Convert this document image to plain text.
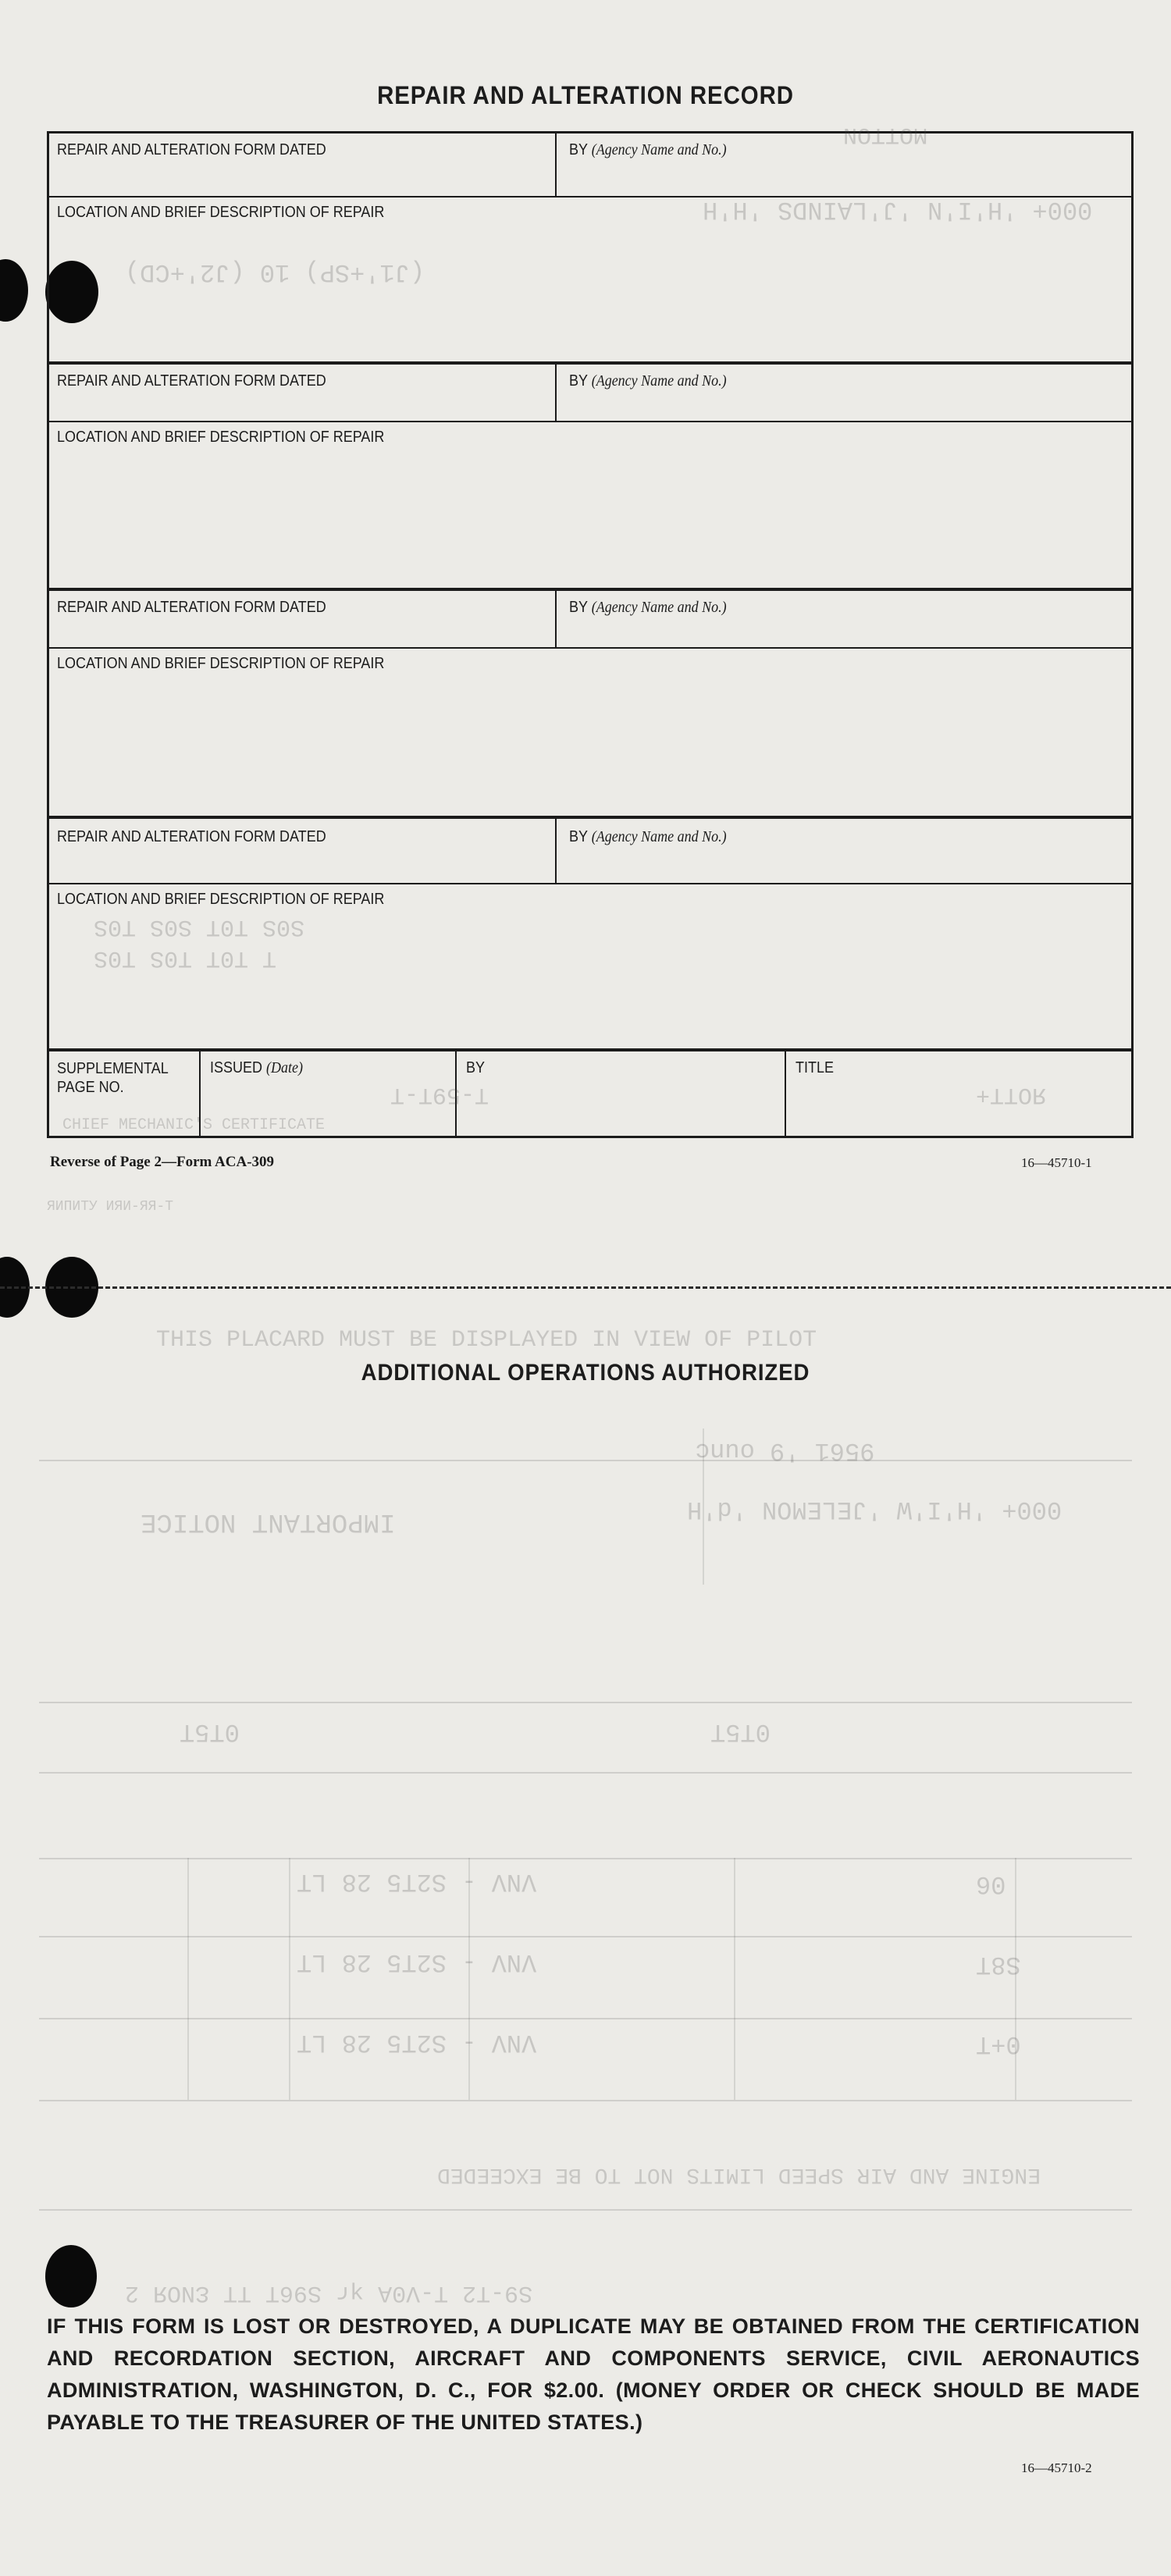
REPAIR AND ALTERATION RECORD
REPAIR AND ALTERATION FORM DATED	BY (Agency Name and No.)
LOCATION AND BRIEF DESCRIPTION OF REPAIR
REPAIR AND ALTERATION FORM DATED	BY (Agency Name and No.)
LOCATION AND BRIEF DESCRIPTION OF REPAIR
REPAIR AND ALTERATION FORM DATED	BY (Agency Name and No.)
LOCATION AND BRIEF DESCRIPTION OF REPAIR
REPAIR AND ALTERATION FORM DATED	BY (Agency Name and No.)
LOCATION AND BRIEF DESCRIPTION OF REPAIR
SUPPLEMENTAL
PAGE NO.
ISSUED (Date)	BY	TITLE
(J1'+SP) 10 (J2'+CD)
000+ 'H'I'N 'J'LAINDS 'H'H
MOTTON
S0S T0T S0S T0S
T T0T T0S T0S
T-59T-T	ЯОТT+
CHIEF MECHANIC'S CERTIFICATE
ЯИПИТУ ИЯИ-ЯЯ-Т
THIS PLACARD MUST BE DISPLAYED IN VIEW OF PILOT
IMPORTANT NOTICE
9561 '9 ounc
000+ 'H'I'W 'JELEMON 'd'H
0T5T	0T5T
VNV - S2T5 28 LT
VNV - S2T5 28 LT
VNV - S2T5 28 LT
06
S8T
0+T
ENGINE AND AIR SPEED LIMITS NOT TO BE EXCEEDED
S9-T2 T-V0A ʞɾ S96T TT ƐNOЯ 2
Reverse of Page 2—Form ACA-309	16—45710-1
ADDITIONAL OPERATIONS AUTHORIZED
IF THIS FORM IS LOST OR DESTROYED, A DUPLICATE MAY BE OBTAINED FROM THE CERTIFICATION AND RECORDATION SECTION, AIRCRAFT AND COMPONENTS SERVICE, CIVIL AERONAUTICS ADMINISTRATION, WASHINGTON, D. C., FOR $2.00. (MONEY ORDER OR CHECK SHOULD BE MADE PAYABLE TO THE TREASURER OF THE UNITED STATES.)
16—45710-2
